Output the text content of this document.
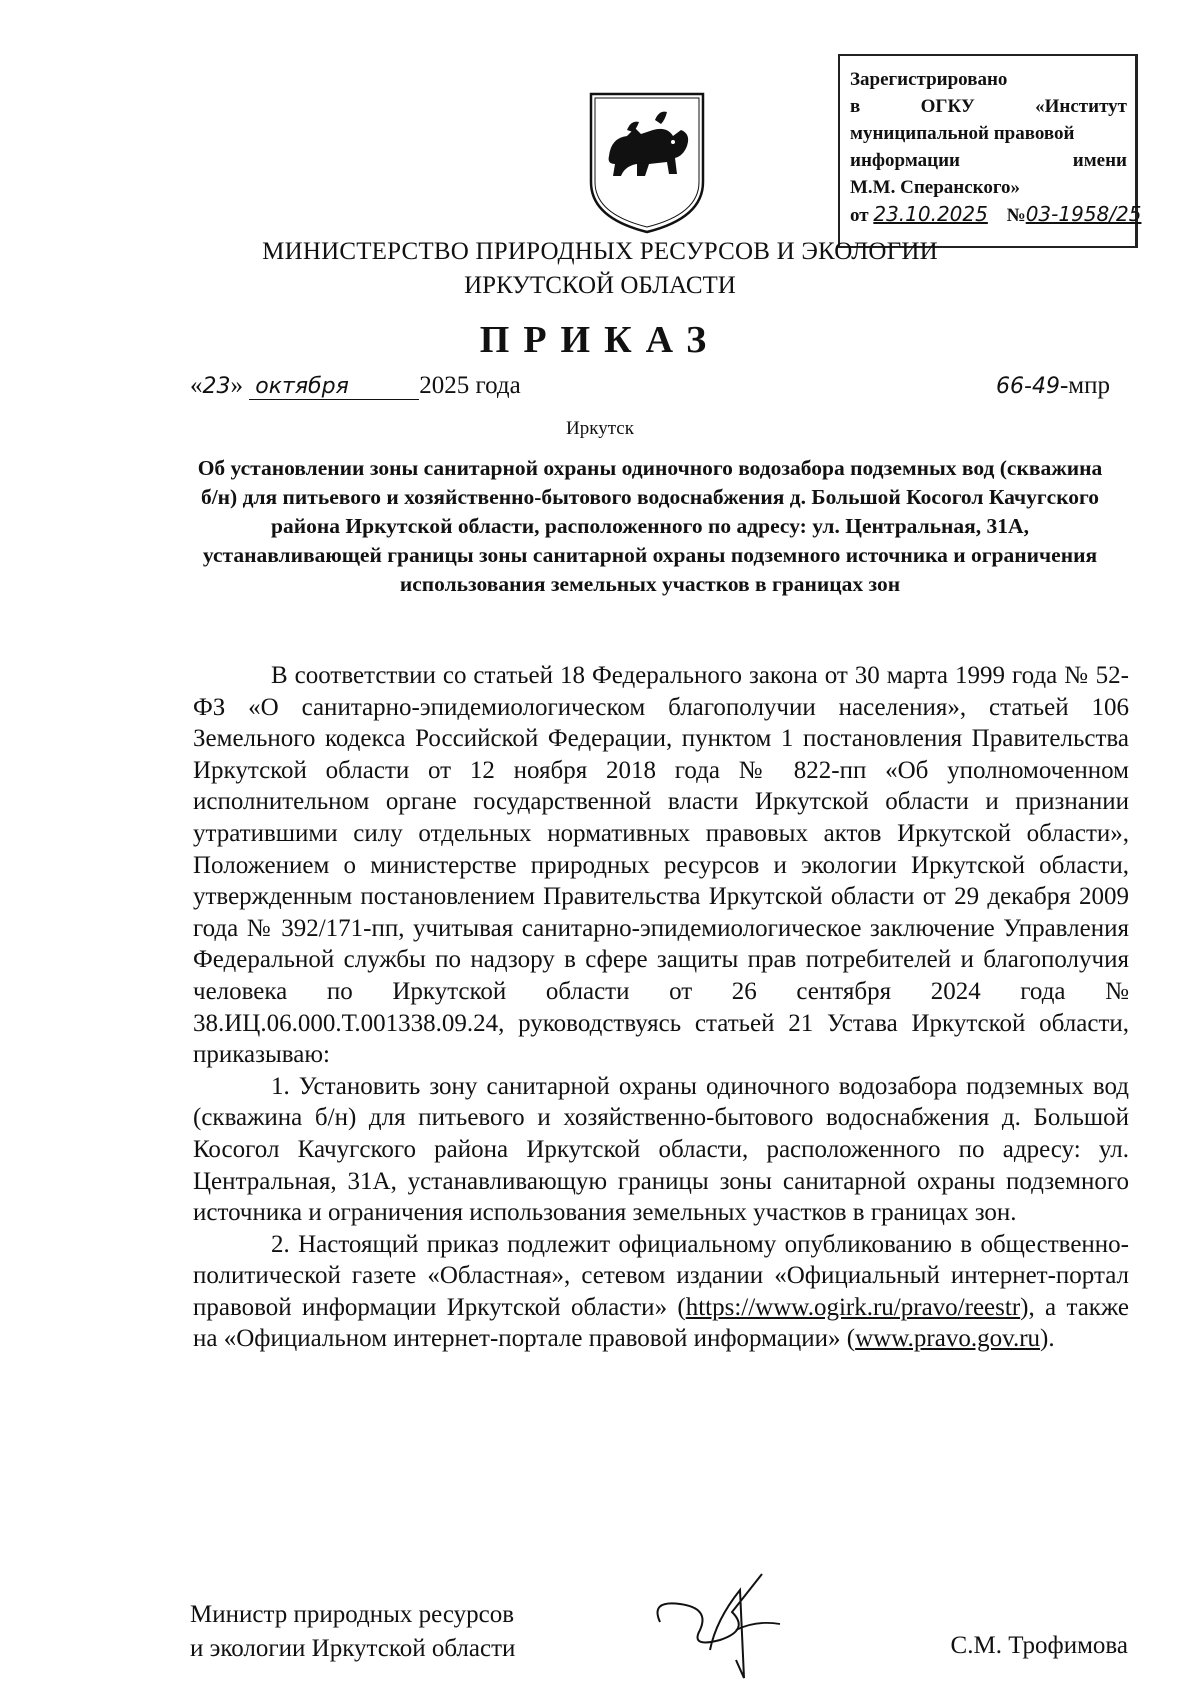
Зарегистрировано
в	ОГКУ	«Институт
муниципальной правовой
информации	имени
М.М. Сперанского»
от 23.10.2025 №03-1958/25
МИНИСТЕРСТВО ПРИРОДНЫХ РЕСУРСОВ И ЭКОЛОГИИ
ИРКУТСКОЙ ОБЛАСТИ
ПРИКАЗ
«23» октября	2025 года	66-49-мпр
Иркутск
Об установлении зоны санитарной охраны одиночного водозабора подземных вод (скважина б/н) для питьевого и хозяйственно-бытового водоснабжения д. Большой Косогол Качугского района Иркутской области, расположенного по адресу: ул. Центральная, 31А, устанавливающей границы зоны санитарной охраны подземного источника и ограничения использования земельных участков в границах зон

В соответствии со статьей 18 Федерального закона от 30 марта 1999 года № 52-ФЗ «О санитарно-эпидемиологическом благополучии населения», статьей 106 Земельного кодекса Российской Федерации, пунктом 1 постановления Правительства Иркутской области от 12 ноября 2018 года № 822-пп «Об уполномоченном исполнительном органе государственной власти Иркутской области и признании утратившими силу отдельных нормативных правовых актов Иркутской области», Положением о министерстве природных ресурсов и экологии Иркутской области, утвержденным постановлением Правительства Иркутской области от 29 декабря 2009 года № 392/171-пп, учитывая санитарно-эпидемиологическое заключение Управления Федеральной службы по надзору в сфере защиты прав потребителей и благополучия человека по Иркутской области от 26 сентября 2024 года № 38.ИЦ.06.000.Т.001338.09.24, руководствуясь статьей 21 Устава Иркутской области, приказываю:

1. Установить зону санитарной охраны одиночного водозабора подземных вод (скважина б/н) для питьевого и хозяйственно-бытового водоснабжения д. Большой Косогол Качугского района Иркутской области, расположенного по адресу: ул. Центральная, 31А, устанавливающую границы зоны санитарной охраны подземного источника и ограничения использования земельных участков в границах зон.

2. Настоящий приказ подлежит официальному опубликованию в общественно-политической газете «Областная», сетевом издании «Официальный интернет-портал правовой информации Иркутской области» (https://www.ogirk.ru/pravo/reestr), а также на «Официальном интернет-портале правовой информации» (www.pravo.gov.ru).

Министр природных ресурсов
и экологии Иркутской области	С.М. Трофимова
